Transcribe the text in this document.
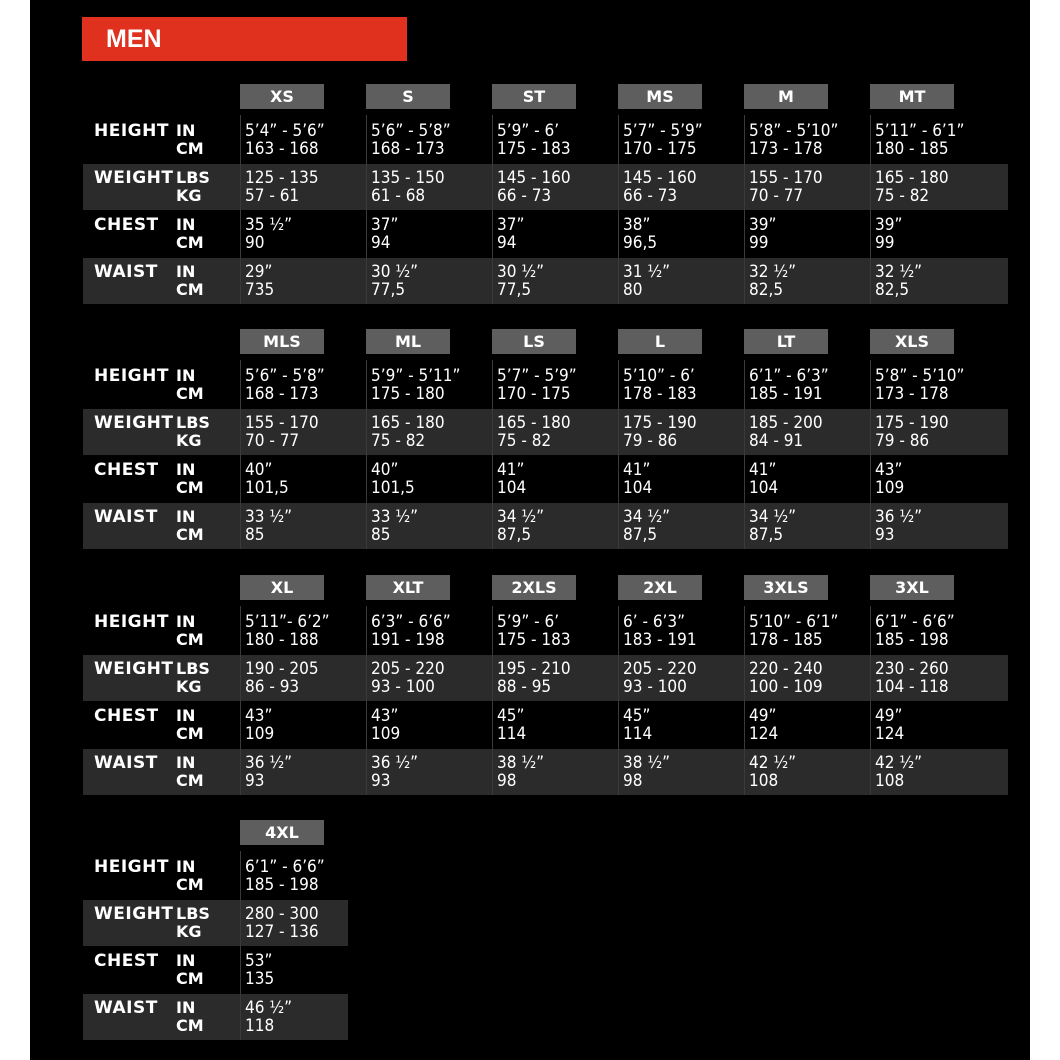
MEN
HEIGHT IN
CM
WEIGHT LBS
KG
CHEST IN
CM
WAIST IN
CM
XS
5’4” - 5’6”
163 - 168
125 - 135
57 - 61
35 ½”
90
29”
735
S
5’6” - 5’8”
168 - 173
135 - 150
61 - 68
37”
94
30 ½”
77,5
ST
5’9” - 6’
175 - 183
145 - 160
66 - 73
37”
94
30 ½”
77,5
MS
5’7” - 5’9”
170 - 175
145 - 160
66 - 73
38”
96,5
31 ½”
80
M
5’8” - 5’10”
173 - 178
155 - 170
70 - 77
39”
99
32 ½”
82,5
MT
5’11” - 6’1”
180 - 185
165 - 180
75 - 82
39”
99
32 ½”
82,5
HEIGHT IN
CM
WEIGHT LBS
KG
CHEST IN
CM
WAIST IN
CM
MLS
5’6” - 5’8”
168 - 173
155 - 170
70 - 77
40”
101,5
33 ½”
85
ML
5’9” - 5’11”
175 - 180
165 - 180
75 - 82
40”
101,5
33 ½”
85
LS
5’7” - 5’9”
170 - 175
165 - 180
75 - 82
41”
104
34 ½”
87,5
L
5’10” - 6’
178 - 183
175 - 190
79 - 86
41”
104
34 ½”
87,5
LT
6’1” - 6’3”
185 - 191
185 - 200
84 - 91
41”
104
34 ½”
87,5
XLS
5’8” - 5’10”
173 - 178
175 - 190
79 - 86
43”
109
36 ½”
93
HEIGHT IN
CM
WEIGHT LBS
KG
CHEST IN
CM
WAIST IN
CM
XL
5’11”- 6’2”
180 - 188
190 - 205
86 - 93
43”
109
36 ½”
93
XLT
6’3” - 6’6”
191 - 198
205 - 220
93 - 100
43”
109
36 ½”
93
2XLS
5’9” - 6’
175 - 183
195 - 210
88 - 95
45”
114
38 ½”
98
2XL
6’ - 6’3”
183 - 191
205 - 220
93 - 100
45”
114
38 ½”
98
3XLS
5’10” - 6’1”
178 - 185
220 - 240
100 - 109
49”
124
42 ½”
108
3XL
6’1” - 6’6”
185 - 198
230 - 260
104 - 118
49”
124
42 ½”
108
HEIGHT IN
CM
WEIGHT LBS
KG
CHEST IN
CM
WAIST IN
CM
4XL
6’1” - 6’6”
185 - 198
280 - 300
127 - 136
53”
135
46 ½”
118
